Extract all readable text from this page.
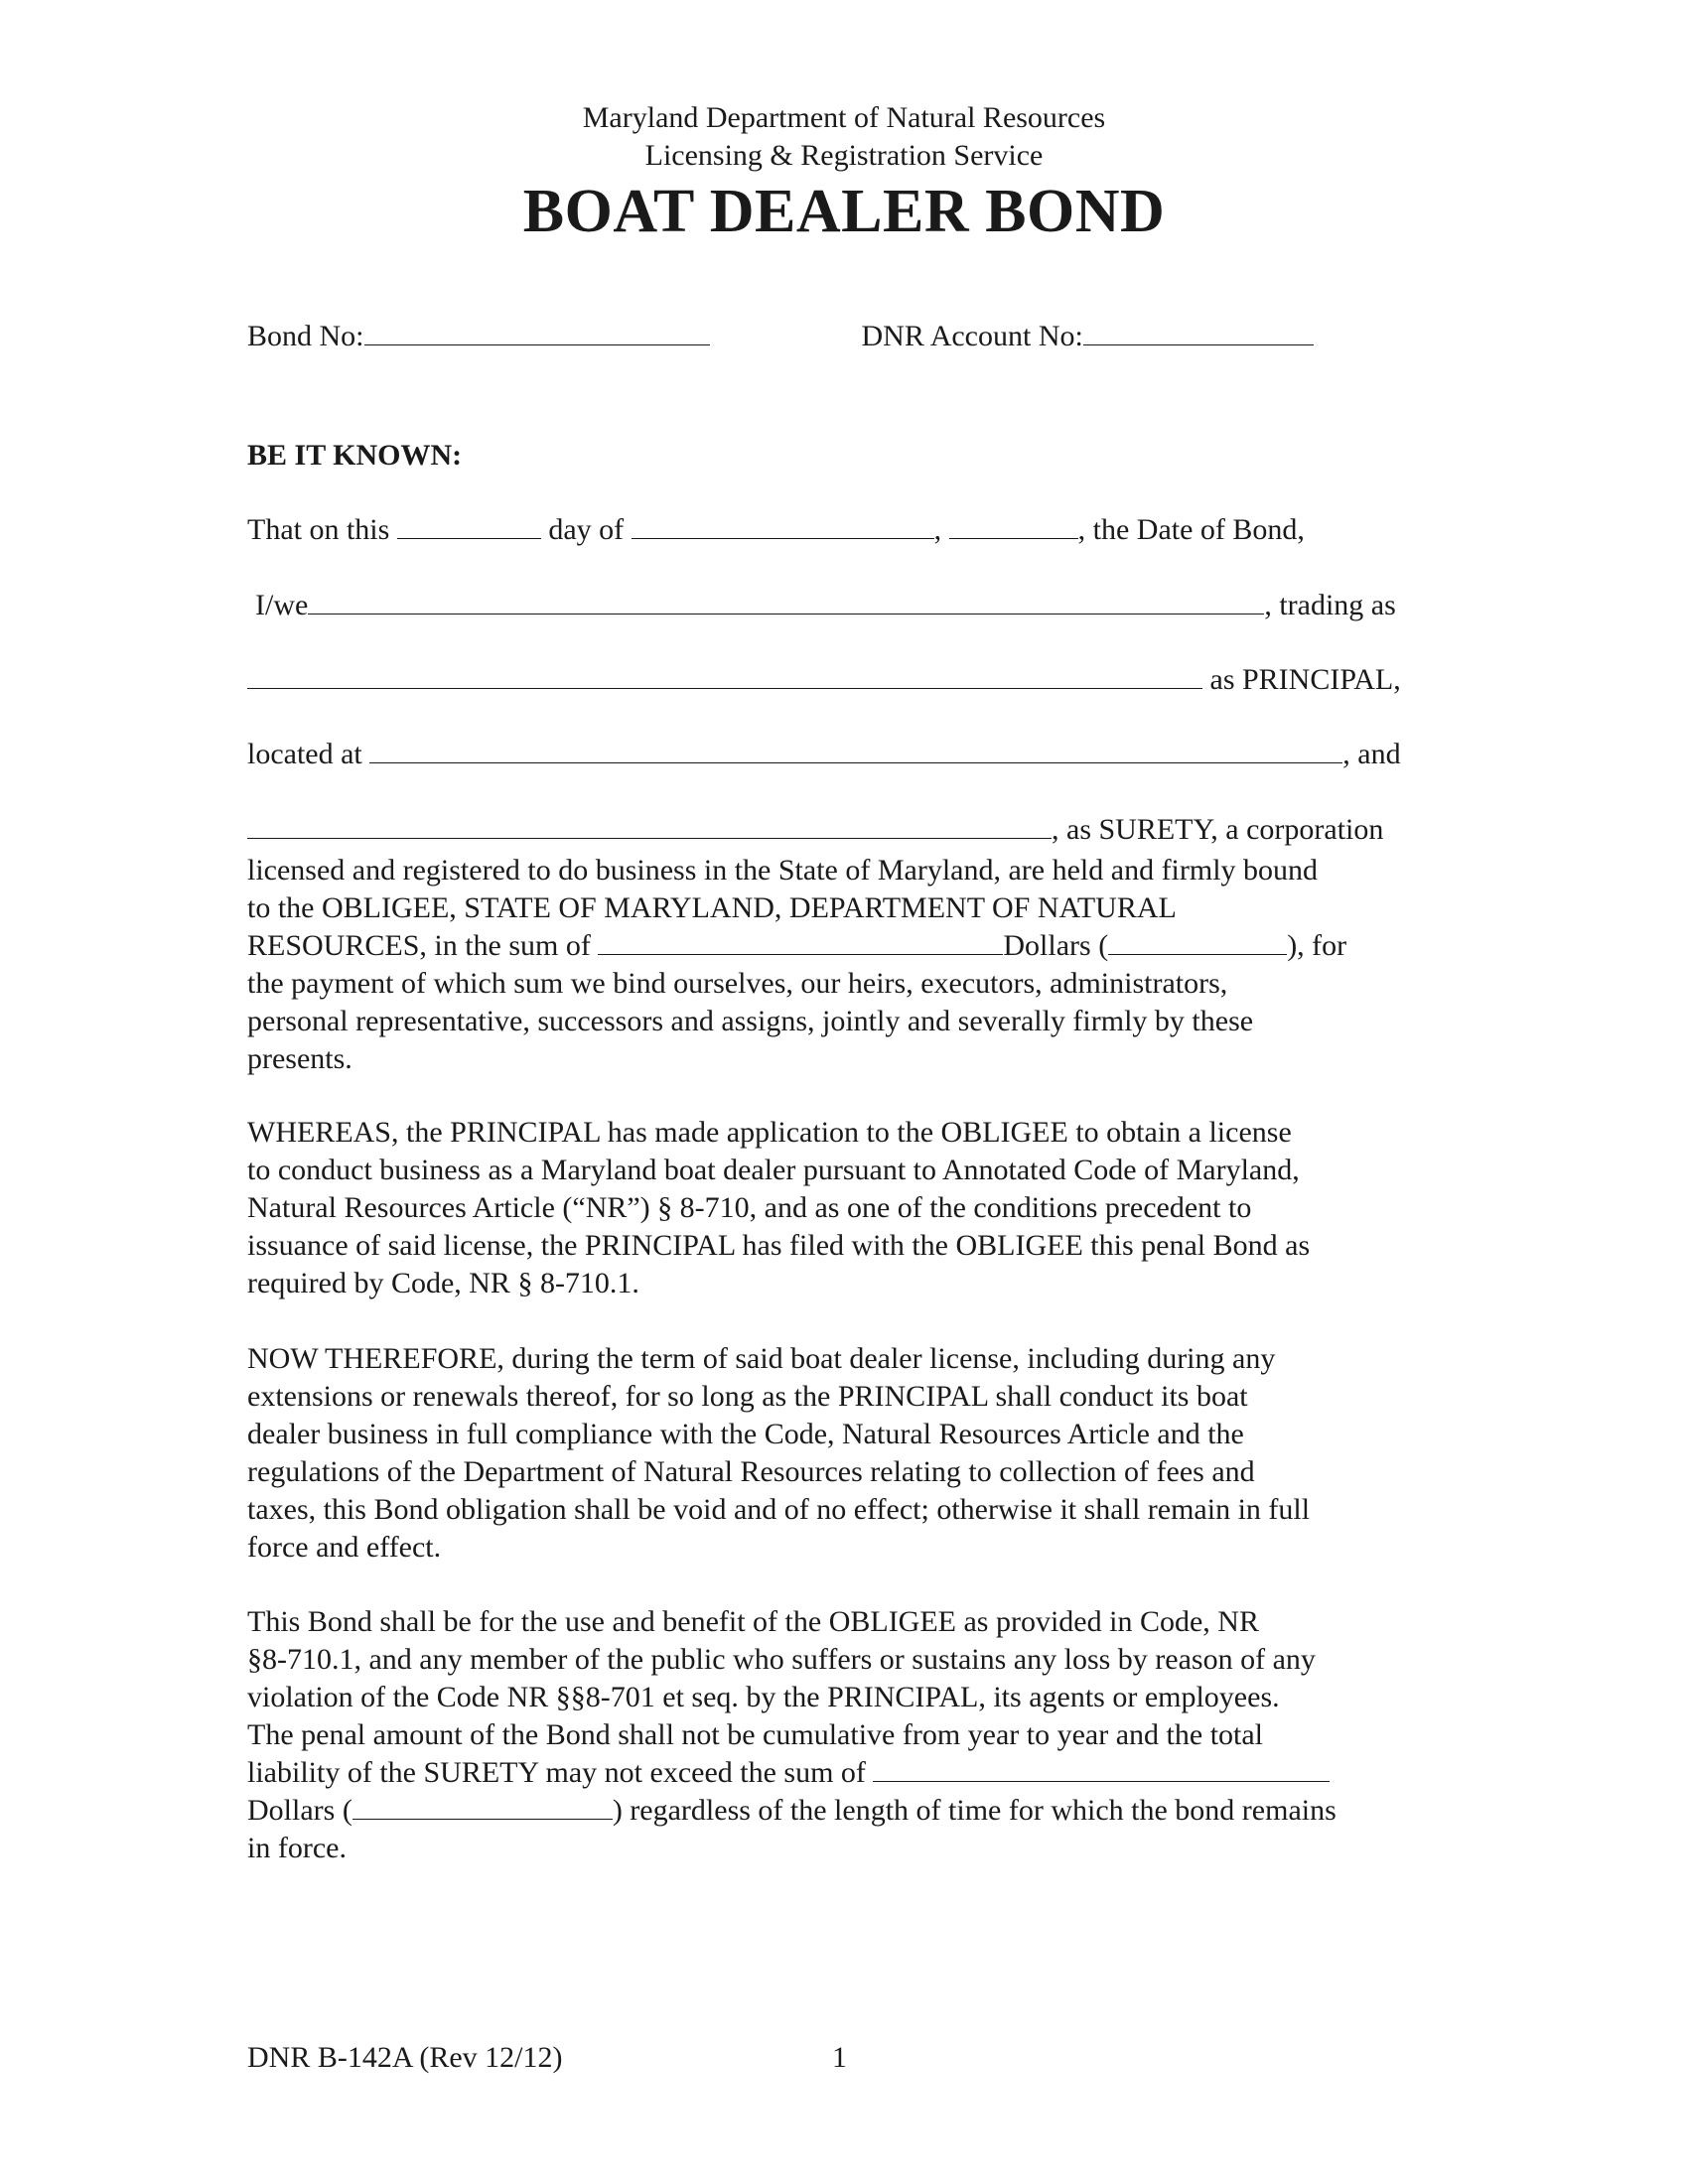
Maryland Department of Natural Resources
Licensing & Registration Service
BOAT DEALER BOND
Bond No:	DNR Account No:
BE IT KNOWN:
That on this	day of	,	, the Date of Bond,
I/we	, trading as
as PRINCIPAL,
located at	, and
, as SURETY, a corporation
licensed and registered to do business in the State of Maryland, are held and firmly bound
to the OBLIGEE, STATE OF MARYLAND, DEPARTMENT OF NATURAL
RESOURCES, in the sum of	Dollars (	), for
the payment of which sum we bind ourselves, our heirs, executors, administrators,
personal representative, successors and assigns, jointly and severally firmly by these
presents.
WHEREAS, the PRINCIPAL has made application to the OBLIGEE to obtain a license
to conduct business as a Maryland boat dealer pursuant to Annotated Code of Maryland,
Natural Resources Article (“NR”) § 8-710, and as one of the conditions precedent to
issuance of said license, the PRINCIPAL has filed with the OBLIGEE this penal Bond as
required by Code, NR § 8-710.1.
NOW THEREFORE, during the term of said boat dealer license, including during any
extensions or renewals thereof, for so long as the PRINCIPAL shall conduct its boat
dealer business in full compliance with the Code, Natural Resources Article and the
regulations of the Department of Natural Resources relating to collection of fees and
taxes, this Bond obligation shall be void and of no effect; otherwise it shall remain in full
force and effect.
This Bond shall be for the use and benefit of the OBLIGEE as provided in Code, NR
§8-710.1, and any member of the public who suffers or sustains any loss by reason of any
violation of the Code NR §§8-701 et seq. by the PRINCIPAL, its agents or employees.
The penal amount of the Bond shall not be cumulative from year to year and the total
liability of the SURETY may not exceed the sum of
Dollars (	) regardless of the length of time for which the bond remains
in force.
DNR B-142A (Rev 12/12)	1
